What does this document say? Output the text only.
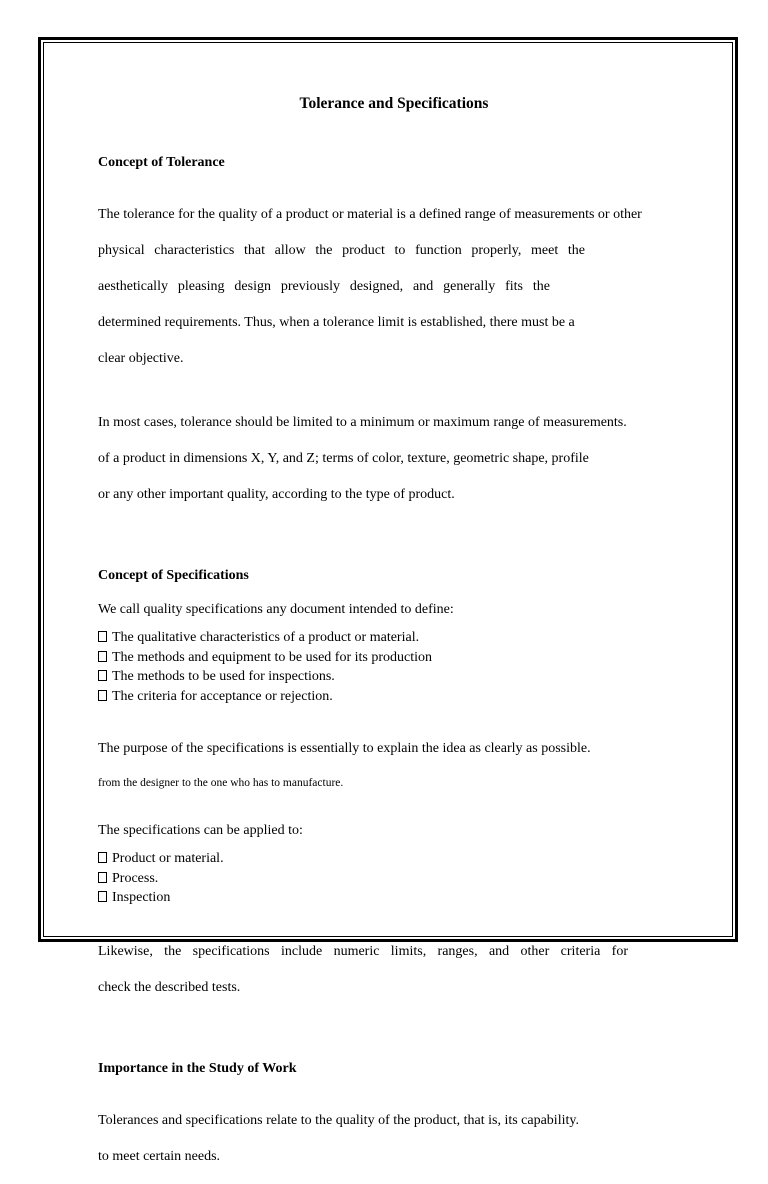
Tolerance and Specifications
Concept of Tolerance

The tolerance for the quality of a product or material is a defined range of measurements or other

physical characteristics that allow the product to function properly, meet the

aesthetically pleasing design previously designed, and generally fits the

determined requirements. Thus, when a tolerance limit is established, there must be a

clear objective.

In most cases, tolerance should be limited to a minimum or maximum range of measurements.

of a product in dimensions X, Y, and Z; terms of color, texture, geometric shape, profile

or any other important quality, according to the type of product.

Concept of Specifications
We call quality specifications any document intended to define:
The qualitative characteristics of a product or material.
The methods and equipment to be used for its production
The methods to be used for inspections.
The criteria for acceptance or rejection.

The purpose of the specifications is essentially to explain the idea as clearly as possible.

from the designer to the one who has to manufacture.

The specifications can be applied to:
Product or material.
Process.
Inspection

Likewise, the specifications include numeric limits, ranges, and other criteria for

check the described tests.

Importance in the Study of Work

Tolerances and specifications relate to the quality of the product, that is, its capability.

to meet certain needs.
